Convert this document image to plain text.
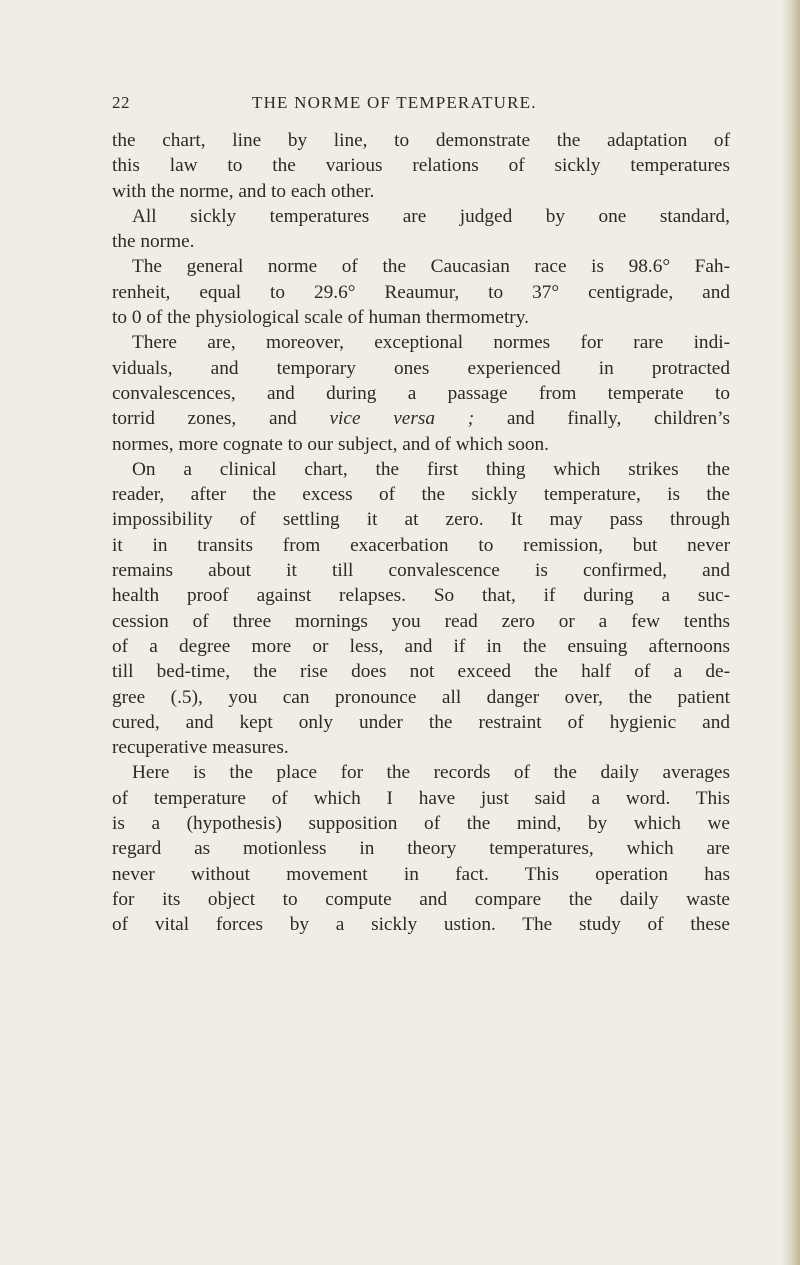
22	THE NORME OF TEMPERATURE.
the chart, line by line, to demonstrate the adaptation of
this law to the various relations of sickly temperatures
with the norme, and to each other.
All sickly temperatures are judged by one standard,
the norme.
The general norme of the Caucasian race is 98.6° Fah-
renheit, equal to 29.6° Reaumur, to 37° centigrade, and
to 0 of the physiological scale of human thermometry.
There are, moreover, exceptional normes for rare indi-
viduals, and temporary ones experienced in protracted
convalescences, and during a passage from temperate to
torrid zones, and vice versa ; and finally, children’s
normes, more cognate to our subject, and of which soon.
On a clinical chart, the first thing which strikes the
reader, after the excess of the sickly temperature, is the
impossibility of settling it at zero. It may pass through
it in transits from exacerbation to remission, but never
remains about it till convalescence is confirmed, and
health proof against relapses. So that, if during a suc-
cession of three mornings you read zero or a few tenths
of a degree more or less, and if in the ensuing afternoons
till bed-time, the rise does not exceed the half of a de-
gree (.5), you can pronounce all danger over, the patient
cured, and kept only under the restraint of hygienic and
recuperative measures.
Here is the place for the records of the daily averages
of temperature of which I have just said a word. This
is a (hypothesis) supposition of the mind, by which we
regard as motionless in theory temperatures, which are
never without movement in fact. This operation has
for its object to compute and compare the daily waste
of vital forces by a sickly ustion. The study of these
